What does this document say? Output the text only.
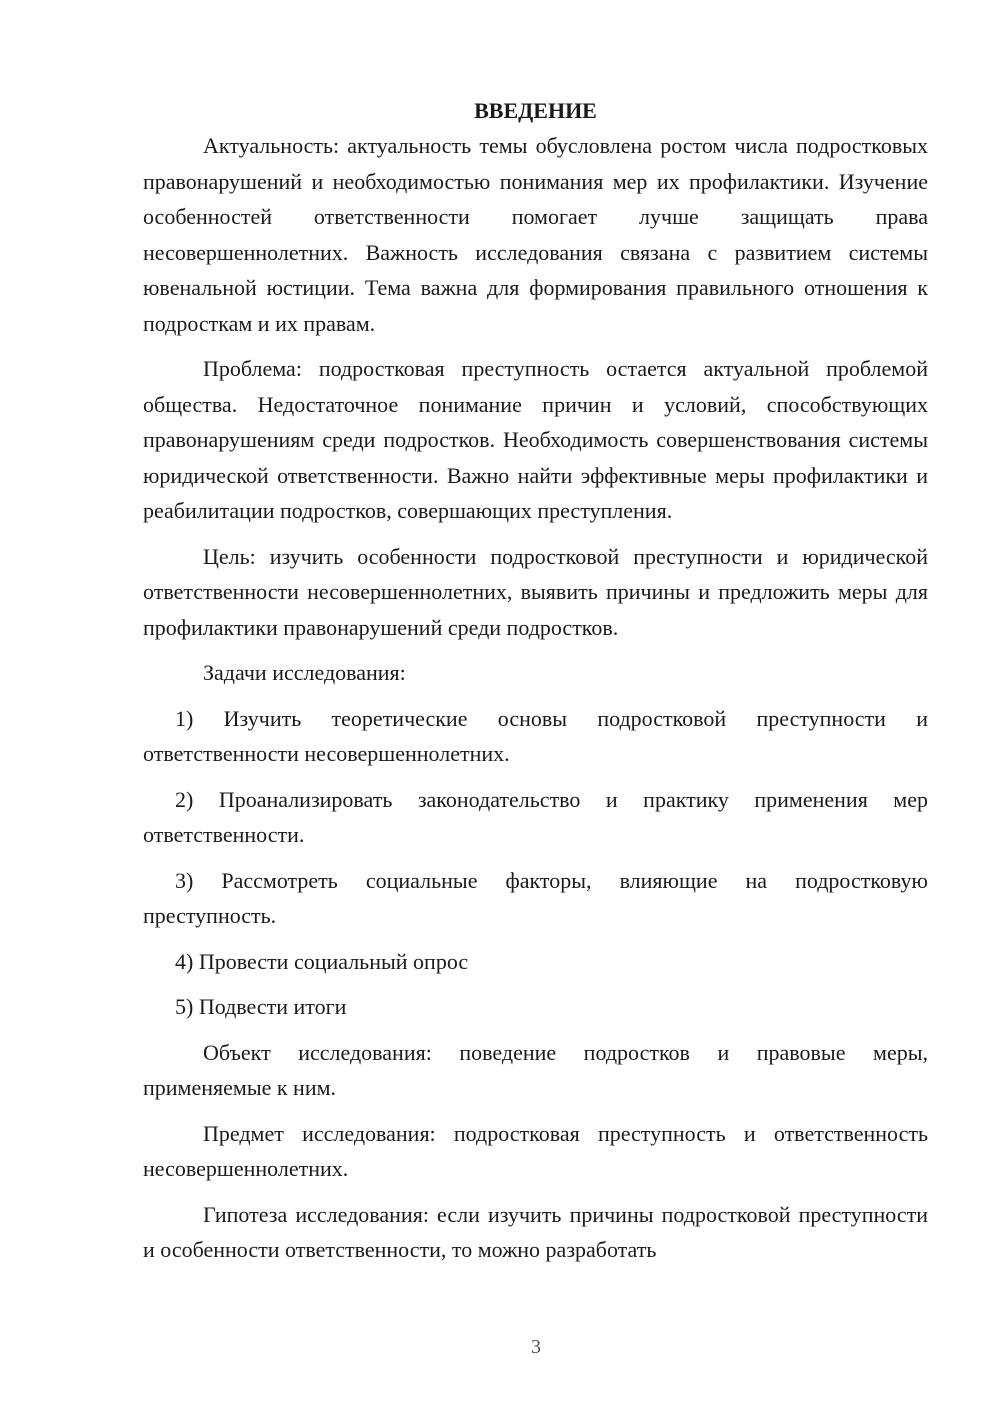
ВВЕДЕНИЕ

Актуальность: актуальность темы обусловлена ростом числа подростковых правонарушений и необходимостью понимания мер их профилактики. Изучение особенностей ответственности помогает лучше защищать права несовершеннолетних. Важность исследования связана с развитием системы ювенальной юстиции. Тема важна для формирования правильного отношения к подросткам и их правам.

Проблема: подростковая преступность остается актуальной проблемой общества. Недостаточное понимание причин и условий, способствующих правонарушениям среди подростков. Необходимость совершенствования системы юридической ответственности. Важно найти эффективные меры профилактики и реабилитации подростков, совершающих преступления.

Цель: изучить особенности подростковой преступности и юридической ответственности несовершеннолетних, выявить причины и предложить меры для профилактики правонарушений среди подростков.

Задачи исследования:

1) Изучить теоретические основы подростковой преступности и ответственности несовершеннолетних.

2) Проанализировать законодательство и практику применения мер ответственности.

3) Рассмотреть социальные факторы, влияющие на подростковую преступность.

4) Провести социальный опрос

5) Подвести итоги

Объект исследования: поведение подростков и правовые меры, применяемые к ним.

Предмет исследования: подростковая преступность и ответственность несовершеннолетних.

Гипотеза исследования: если изучить причины подростковой преступности и особенности ответственности, то можно разработать

3
